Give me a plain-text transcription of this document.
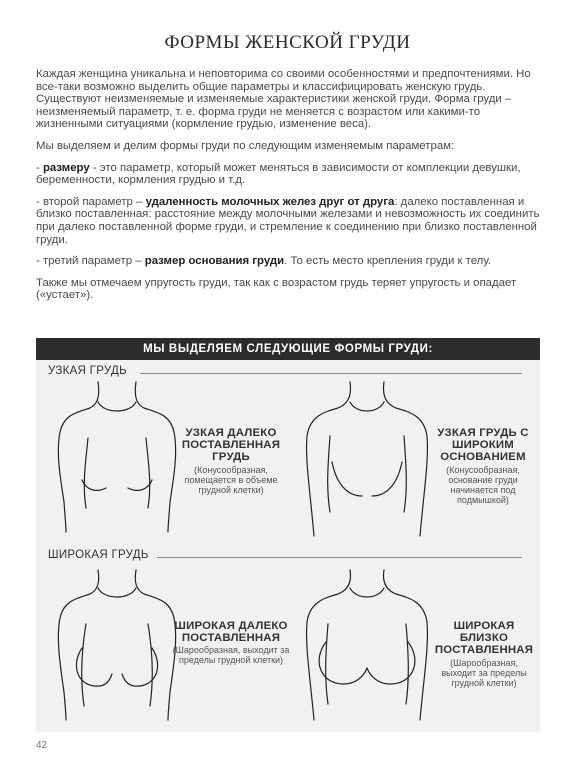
ФОРМЫ ЖЕНСКОЙ ГРУДИ

Каждая женщина уникальна и неповторима со своими особенностями и предпочтениями. Но все-таки возможно выделить общие параметры и классифицировать женскую грудь. Существуют неизменяемые и изменяемые характеристики женской груди. Форма груди – неизменяемый параметр, т. е. форма груди не меняется с возрастом или какими-то жизненными ситуациями (кормление грудью, изменение веса).

Мы выделяем и делим формы груди по следующим изменяемым параметрам:

- размеру - это параметр, который может меняться в зависимости от комплекции девушки, беременности, кормления грудью и т.д.

- второй параметр – удаленность молочных желез друг от друга: далеко поставленная и близко поставленная: расстояние между молочными железами и невозможность их соединить при далеко поставленной форме груди, и стремление к соединению при близко поставленной груди.

- третий параметр – размер основания груди. То есть место крепления груди к телу.

Также мы отмечаем упругость груди, так как с возрастом грудь теряет упругость и опадает («устает»).

МЫ ВЫДЕЛЯЕМ СЛЕДУЮЩИЕ ФОРМЫ ГРУДИ:
УЗКАЯ ГРУДЬ
ШИРОКАЯ ГРУДЬ
УЗКАЯ ДАЛЕКО ПОСТАВЛЕННАЯ ГРУДЬ
(Конусообразная, помещается в объеме грудной клетки)
УЗКАЯ ГРУДЬ С ШИРОКИМ ОСНОВАНИЕМ
(Конусообразная, основание груди начинается под подмышкой)
ШИРОКАЯ ДАЛЕКО ПОСТАВЛЕННАЯ
(Шарообразная, выходит за пределы грудной клетки)
ШИРОКАЯ БЛИЗКО ПОСТАВЛЕННАЯ
(Шарообразная, выходит за пределы грудной клетки)
42
